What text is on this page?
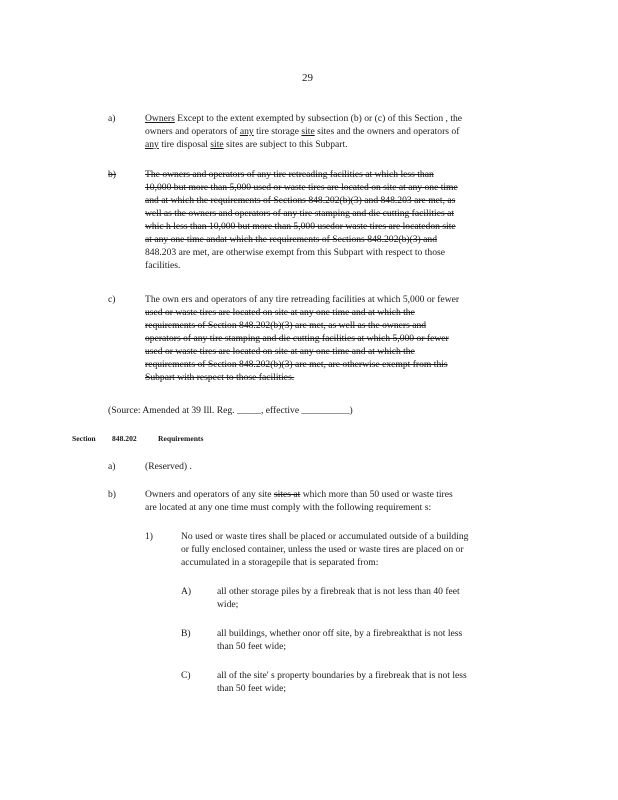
29
a)	Owners Except to the extent exempted by subsection (b) or (c) of this Section , the

owners and operators of any tire storage site sites and the owners and operators of

any tire disposal site sites are subject to this Subpart.

b)	The owners and operators of any tire retreading facilities at which less than

10,000 but more than 5,000 used or waste tires are located on site at any one time

and at which the requirements of Sections 848.202(b)(3) and 848.203 are met, as

well as the owners and operators of any tire stamping and die cutting facilities at

whic h less than 10,000 but more than 5,000 usedor waste tires are locatedon site

at any one time andat which the requirements of Sections 848.202(b)(3) and

848.203 are met, are otherwise exempt from this Subpart with respect to those

facilities.

c)	The own ers and operators of any tire retreading facilities at which 5,000 or fewer

used or waste tires are located on site at any one time and at which the

requirements of Section 848.202(b)(3) are met, as well as the owners and

operators of any tire stamping and die cutting facilities at which 5,000 or fewer

used or waste tires are located on site at any one time and at which the

requirements of Section 848.202(b)(3) are met, are otherwise exempt from this

Subpart with respect to those facilities.

(Source: Amended at 39 Ill. Reg. _____, effective __________)

Section 848.202	Requirements
a)	(Reserved) .

b)	Owners and operators of any site sites at which more than 50 used or waste tires

are located at any one time must comply with the following requirement s:

1)	No used or waste tires shall be placed or accumulated outside of a building

or fully enclosed container, unless the used or waste tires are placed on or

accumulated in a storagepile that is separated from:

A)	all other storage piles by a firebreak that is not less than 40 feet

wide;

B)	all buildings, whether onor off site, by a firebreakthat is not less

than 50 feet wide;

C)	all of the site' s property boundaries by a firebreak that is not less

than 50 feet wide;
